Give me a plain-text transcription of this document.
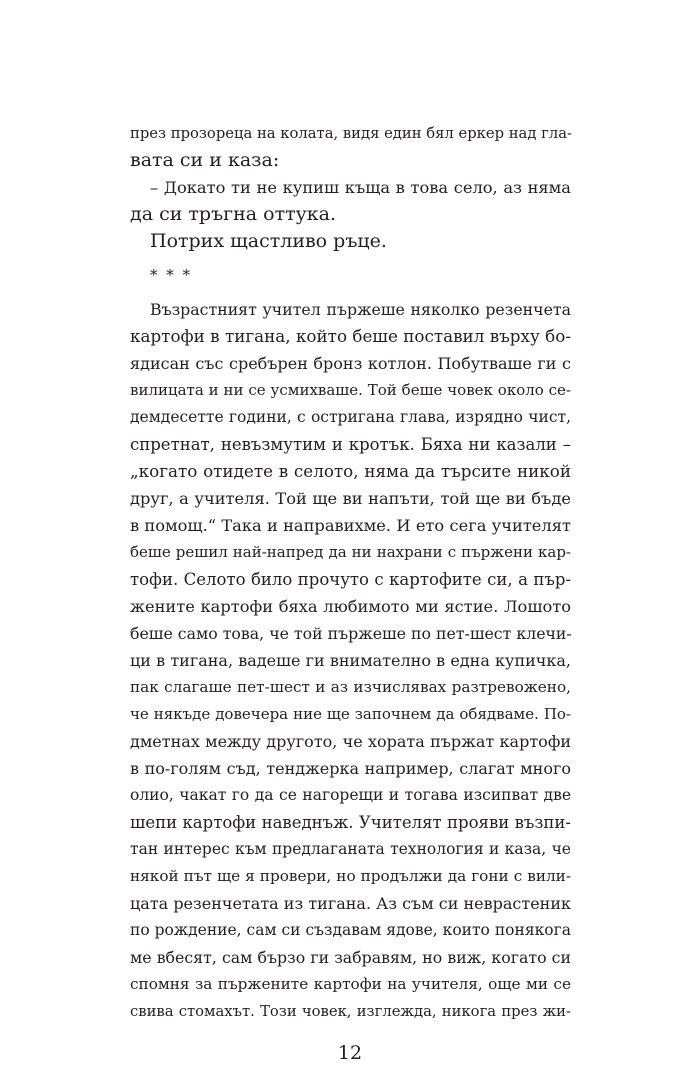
през прозореца на колата, видя един бял еркер над гла-
вата си и каза:
– Докато ти не купиш къща в това село, аз няма
да си тръгна оттука.
Потрих щастливо ръце.
* * *
Възрастният учител пържеше няколко резенчета
картофи в тигана, който беше поставил върху бо-
ядисан със сребърен бронз котлон. Побутваше ги с
вилицата и ни се усмихваше. Той беше човек около се-
демдесетте години, с остригана глава, изрядно чист,
спретнат, невъзмутим и кротък. Бяха ни казали –
„когато отидете в селото, няма да търсите никой
друг, а учителя. Той ще ви напъти, той ще ви бъде
в помощ.“ Така и направихме. И ето сега учителят
беше решил най-напред да ни нахрани с пържени кар-
тофи. Селото било прочуто с картофите си, а пър-
жените картофи бяха любимото ми ястие. Лошото
беше само това, че той пържеше по пет-шест клечи-
ци в тигана, вадеше ги внимателно в една купичка,
пак слагаше пет-шест и аз изчислявах разтревожено,
че някъде довечера ние ще започнем да обядваме. По-
дметнах между другото, че хората пържат картофи
в по-голям съд, тенджерка например, слагат много
олио, чакат го да се нагорещи и тогава изсипват две
шепи картофи наведнъж. Учителят прояви възпи-
тан интерес към предлаганата технология и каза, че
някой път ще я провери, но продължи да гони с вили-
цата резенчетата из тигана. Аз съм си неврастеник
по рождение, сам си създавам ядове, които понякога
ме вбесят, сам бързо ги забравям, но виж, когато си
спомня за пържените картофи на учителя, още ми се
свива стомахът. Този човек, изглежда, никога през жи-
12
